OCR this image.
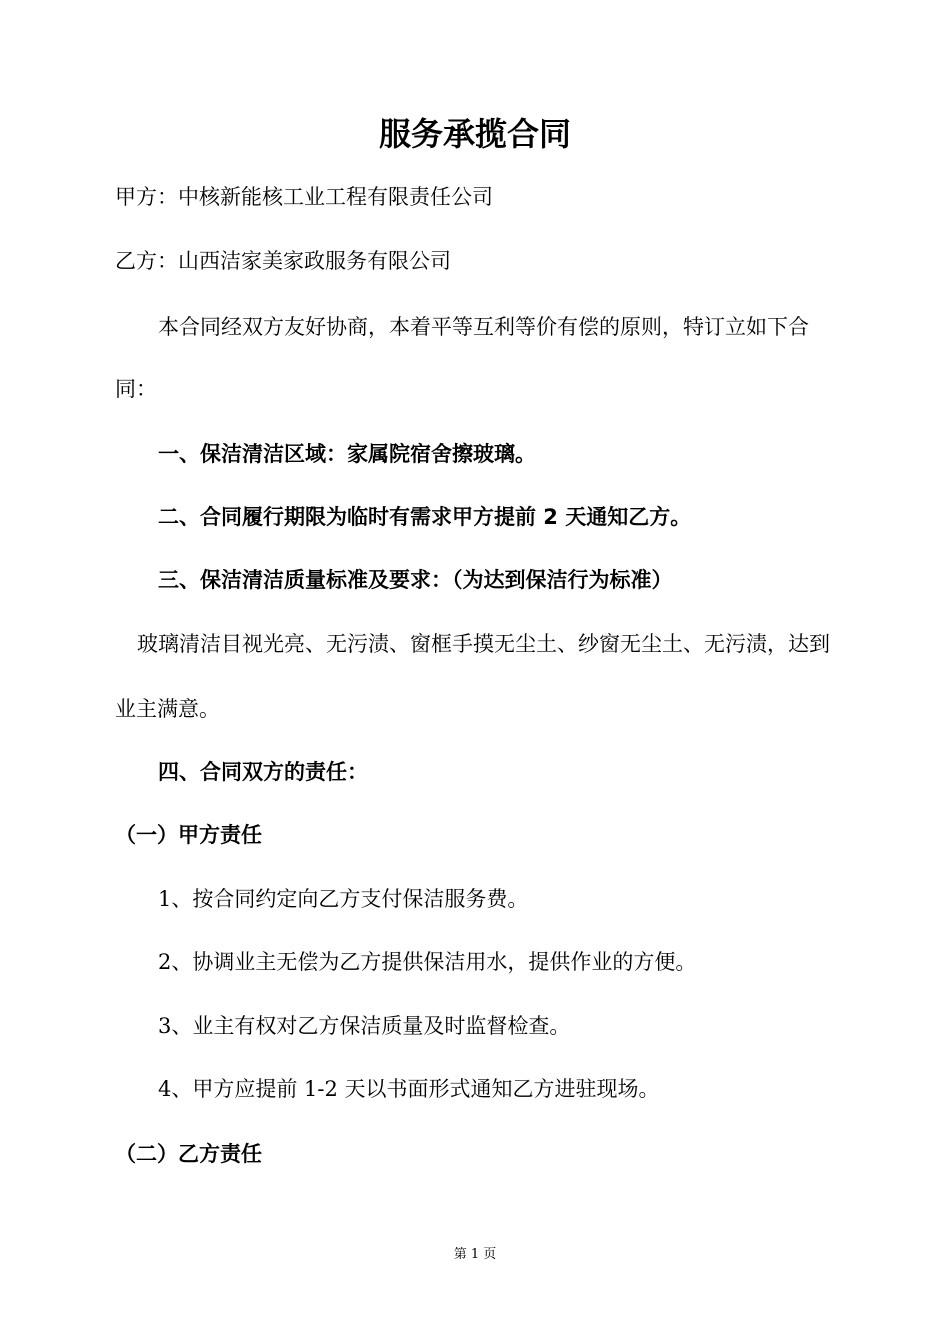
服务承揽合同
甲方：中核新能核工业工程有限责任公司
乙方：山西洁家美家政服务有限公司
本合同经双方友好协商，本着平等互利等价有偿的原则，特订立如下合
同：
一、保洁清洁区域：家属院宿舍擦玻璃。
二、合同履行期限为临时有需求甲方提前 2 天通知乙方。
三、保洁清洁质量标准及要求：（为达到保洁行为标准）
玻璃清洁目视光亮、无污渍、窗框手摸无尘土、纱窗无尘土、无污渍，达到
业主满意。
四、合同双方的责任：
（一）甲方责任
1、按合同约定向乙方支付保洁服务费。
2、协调业主无偿为乙方提供保洁用水，提供作业的方便。
3、业主有权对乙方保洁质量及时监督检查。
4、甲方应提前 1-2 天以书面形式通知乙方进驻现场。
（二）乙方责任
第 1 页
